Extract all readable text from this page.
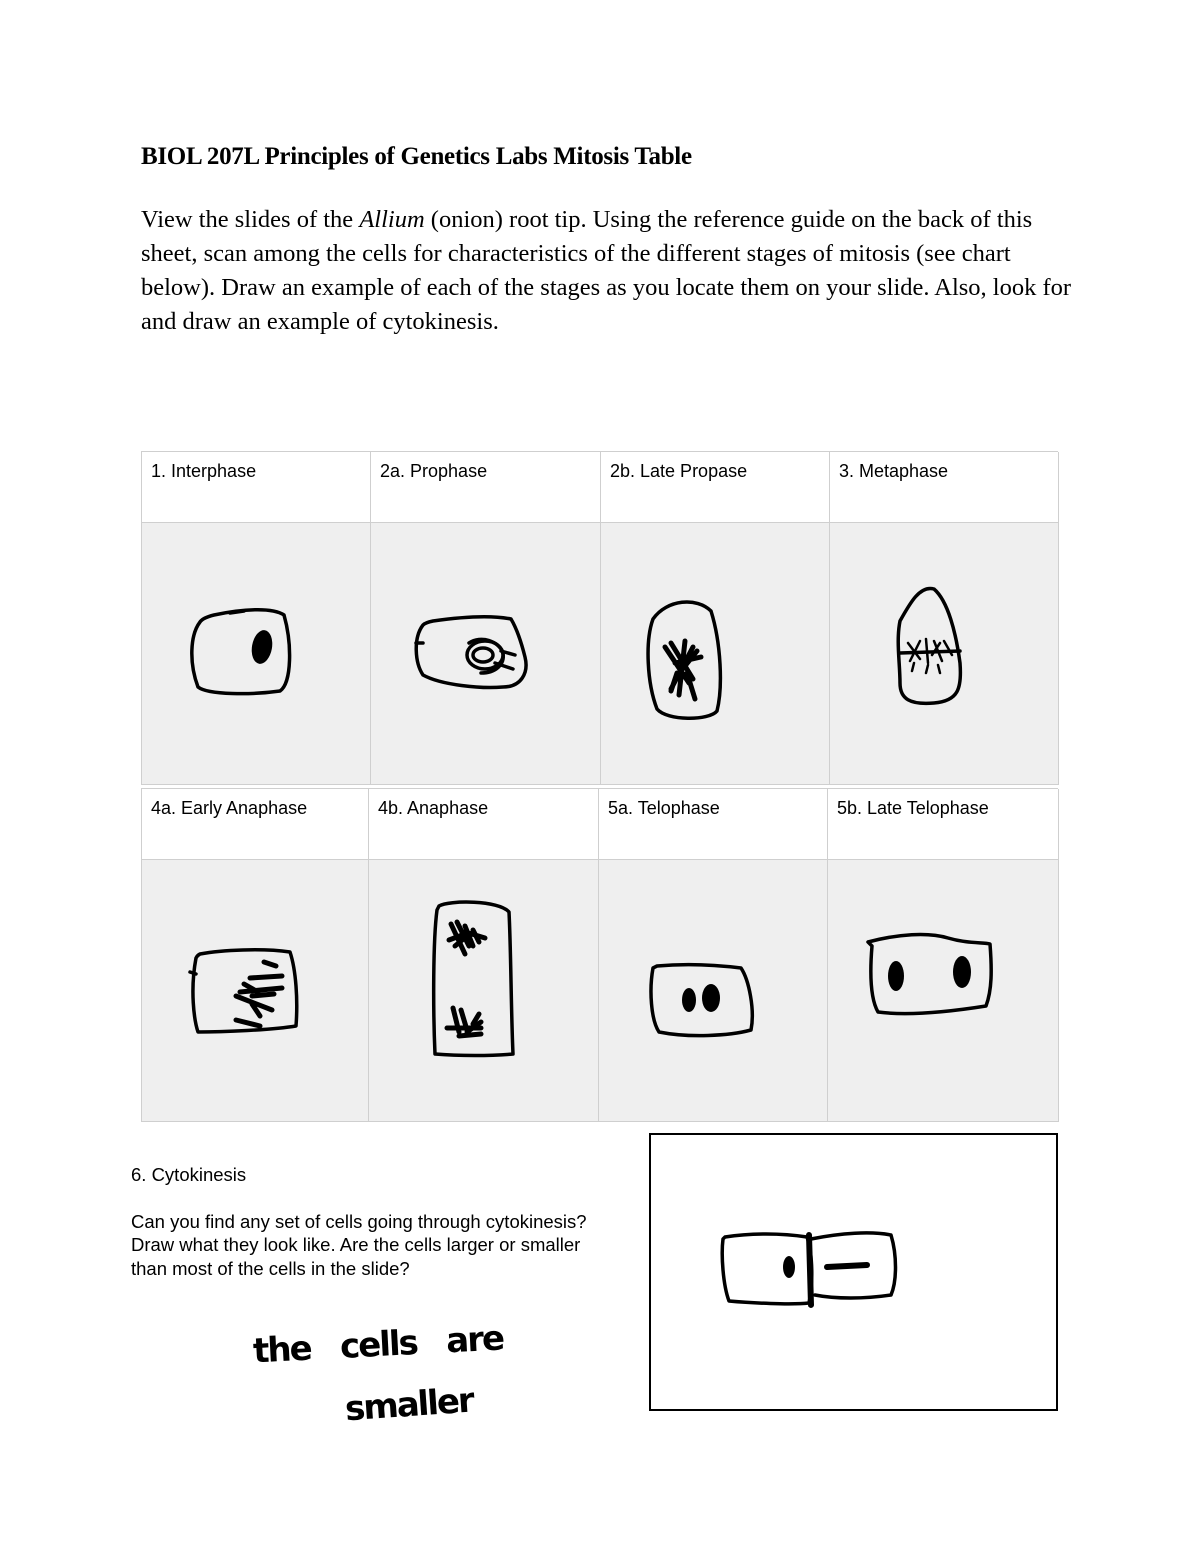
BIOL 207L Principles of Genetics Labs Mitosis Table

View the slides of the Allium (onion) root tip. Using the reference guide on the back of this sheet, scan among the cells for characteristics of the different stages of mitosis (see chart below). Draw an example of each of the stages as you locate them on your slide. Also, look for and draw an example of cytokinesis.

1. Interphase	2a. Prophase	2b. Late Propase	3. Metaphase
4a. Early Anaphase	4b. Anaphase	5a. Telophase	5b. Late Telophase

6. Cytokinesis

Can you find any set of cells going through cytokinesis? Draw what they look like. Are the cells larger or smaller than most of the cells in the slide?

the   cells   are
smaller
